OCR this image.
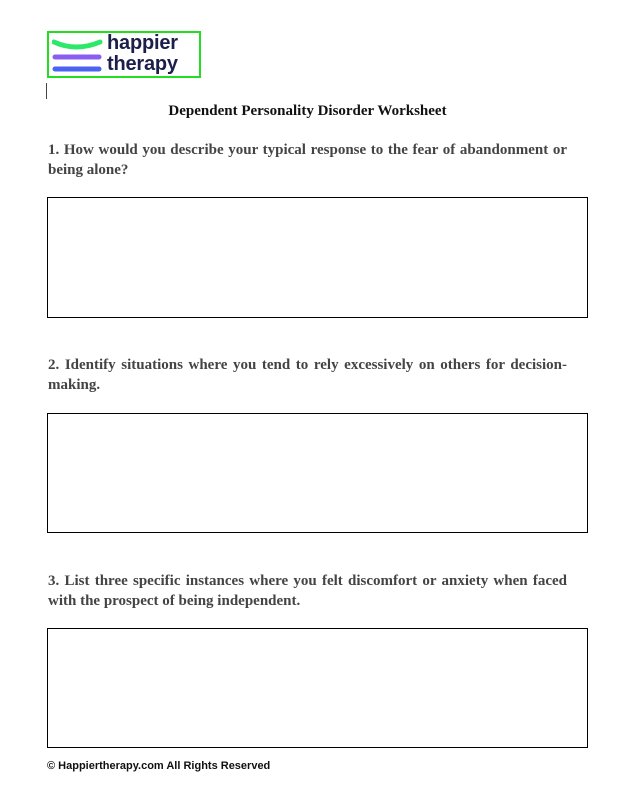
happier
therapy
Dependent Personality Disorder Worksheet
1. How would you describe your typical response to the fear of abandonment or being alone?
2. Identify situations where you tend to rely excessively on others for decision-making.
3. List three specific instances where you felt discomfort or anxiety when faced with the prospect of being independent.
© Happiertherapy.com All Rights Reserved
